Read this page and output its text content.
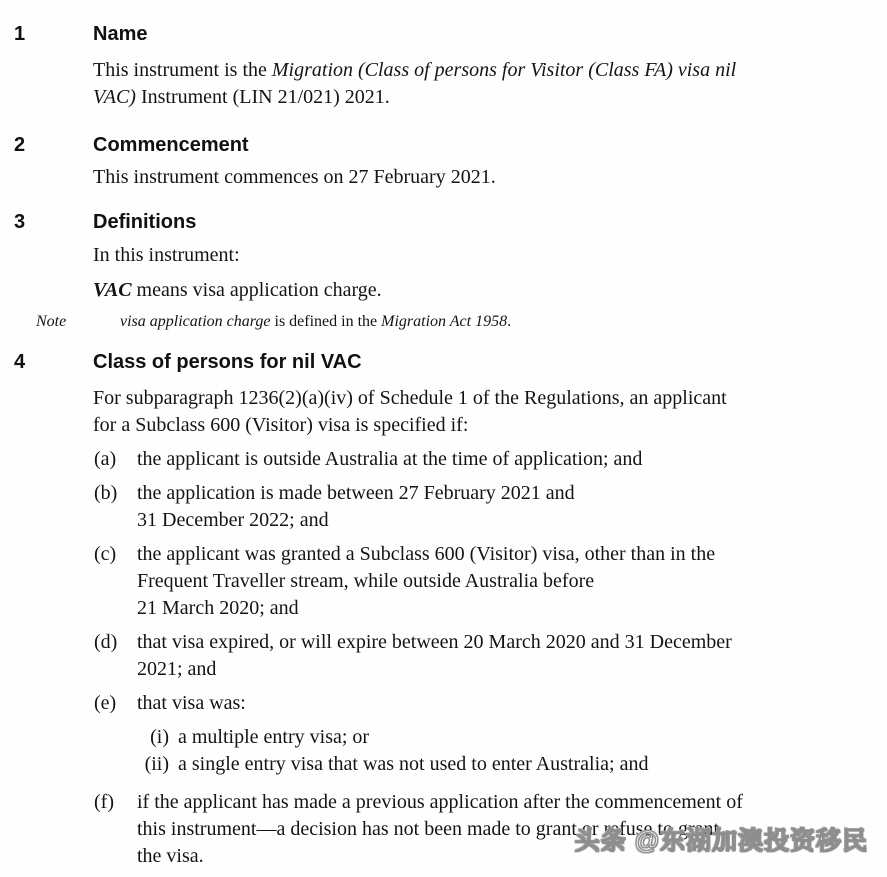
1	Name

This instrument is the Migration (Class of persons for Visitor (Class FA) visa nil
VAC) Instrument (LIN 21/021) 2021.

2	Commencement

This instrument commences on 27 February 2021.

3	Definitions

In this instrument:

VAC means visa application charge.

Note	visa application charge is defined in the Migration Act 1958.
4	Class of persons for nil VAC

For subparagraph 1236(2)(a)(iv) of Schedule 1 of the Regulations, an applicant
for a Subclass 600 (Visitor) visa is specified if:

(a) the applicant is outside Australia at the time of application; and
(b) the application is made between 27 February 2021 and
31 December 2022; and
(c) the applicant was granted a Subclass 600 (Visitor) visa, other than in the
Frequent Traveller stream, while outside Australia before
21 March 2020; and
(d) that visa expired, or will expire between 20 March 2020 and 31 December
2021; and
(e) that visa was:
(i) a multiple entry visa; or
(ii) a single entry visa that was not used to enter Australia; and
(f) if the applicant has made a previous application after the commencement of
this instrument—a decision has not been made to grant or refuse to grant
the visa.
头条 @东湖加澳投资移民
